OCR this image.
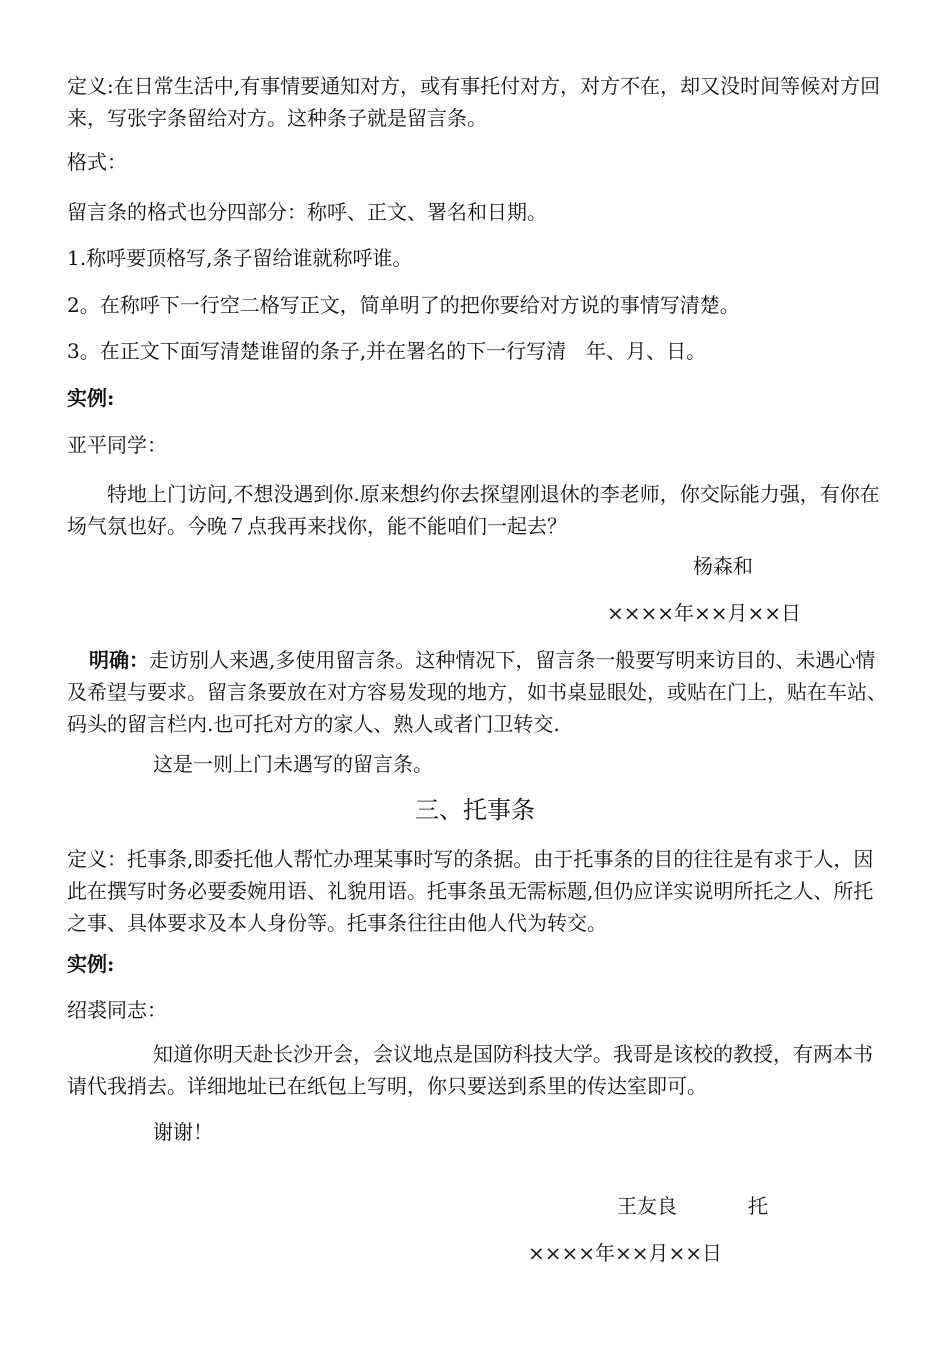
定义:在日常生活中,有事情要通知对方，或有事托付对方，对方不在，却又没时间等候对方回来，写张字条留给对方。这种条子就是留言条。
格式：
留言条的格式也分四部分：称呼、正文、署名和日期。
1.称呼要顶格写,条子留给谁就称呼谁。
2。在称呼下一行空二格写正文，简单明了的把你要给对方说的事情写清楚。
3。在正文下面写清楚谁留的条子,并在署名的下一行写清　年、月、日。
实例:
亚平同学：
特地上门访问,不想没遇到你.原来想约你去探望刚退休的李老师，你交际能力强，有你在场气氛也好。今晚７点我再来找你，能不能咱们一起去？
杨森和
××××年××月××日
明确：走访别人来遇,多使用留言条。这种情况下，留言条一般要写明来访目的、未遇心情及希望与要求。留言条要放在对方容易发现的地方，如书桌显眼处，或贴在门上，贴在车站、码头的留言栏内.也可托对方的家人、熟人或者门卫转交.
这是一则上门未遇写的留言条。
三、托事条
定义：托事条,即委托他人帮忙办理某事时写的条据。由于托事条的目的往往是有求于人，因此在撰写时务必要委婉用语、礼貌用语。托事条虽无需标题,但仍应详实说明所托之人、所托之事、具体要求及本人身份等。托事条往往由他人代为转交。
实例:
绍裘同志：
知道你明天赴长沙开会，会议地点是国防科技大学。我哥是该校的教授，有两本书请代我捎去。详细地址已在纸包上写明，你只要送到系里的传达室即可。
谢谢！
王友良	托
××××年××月××日
